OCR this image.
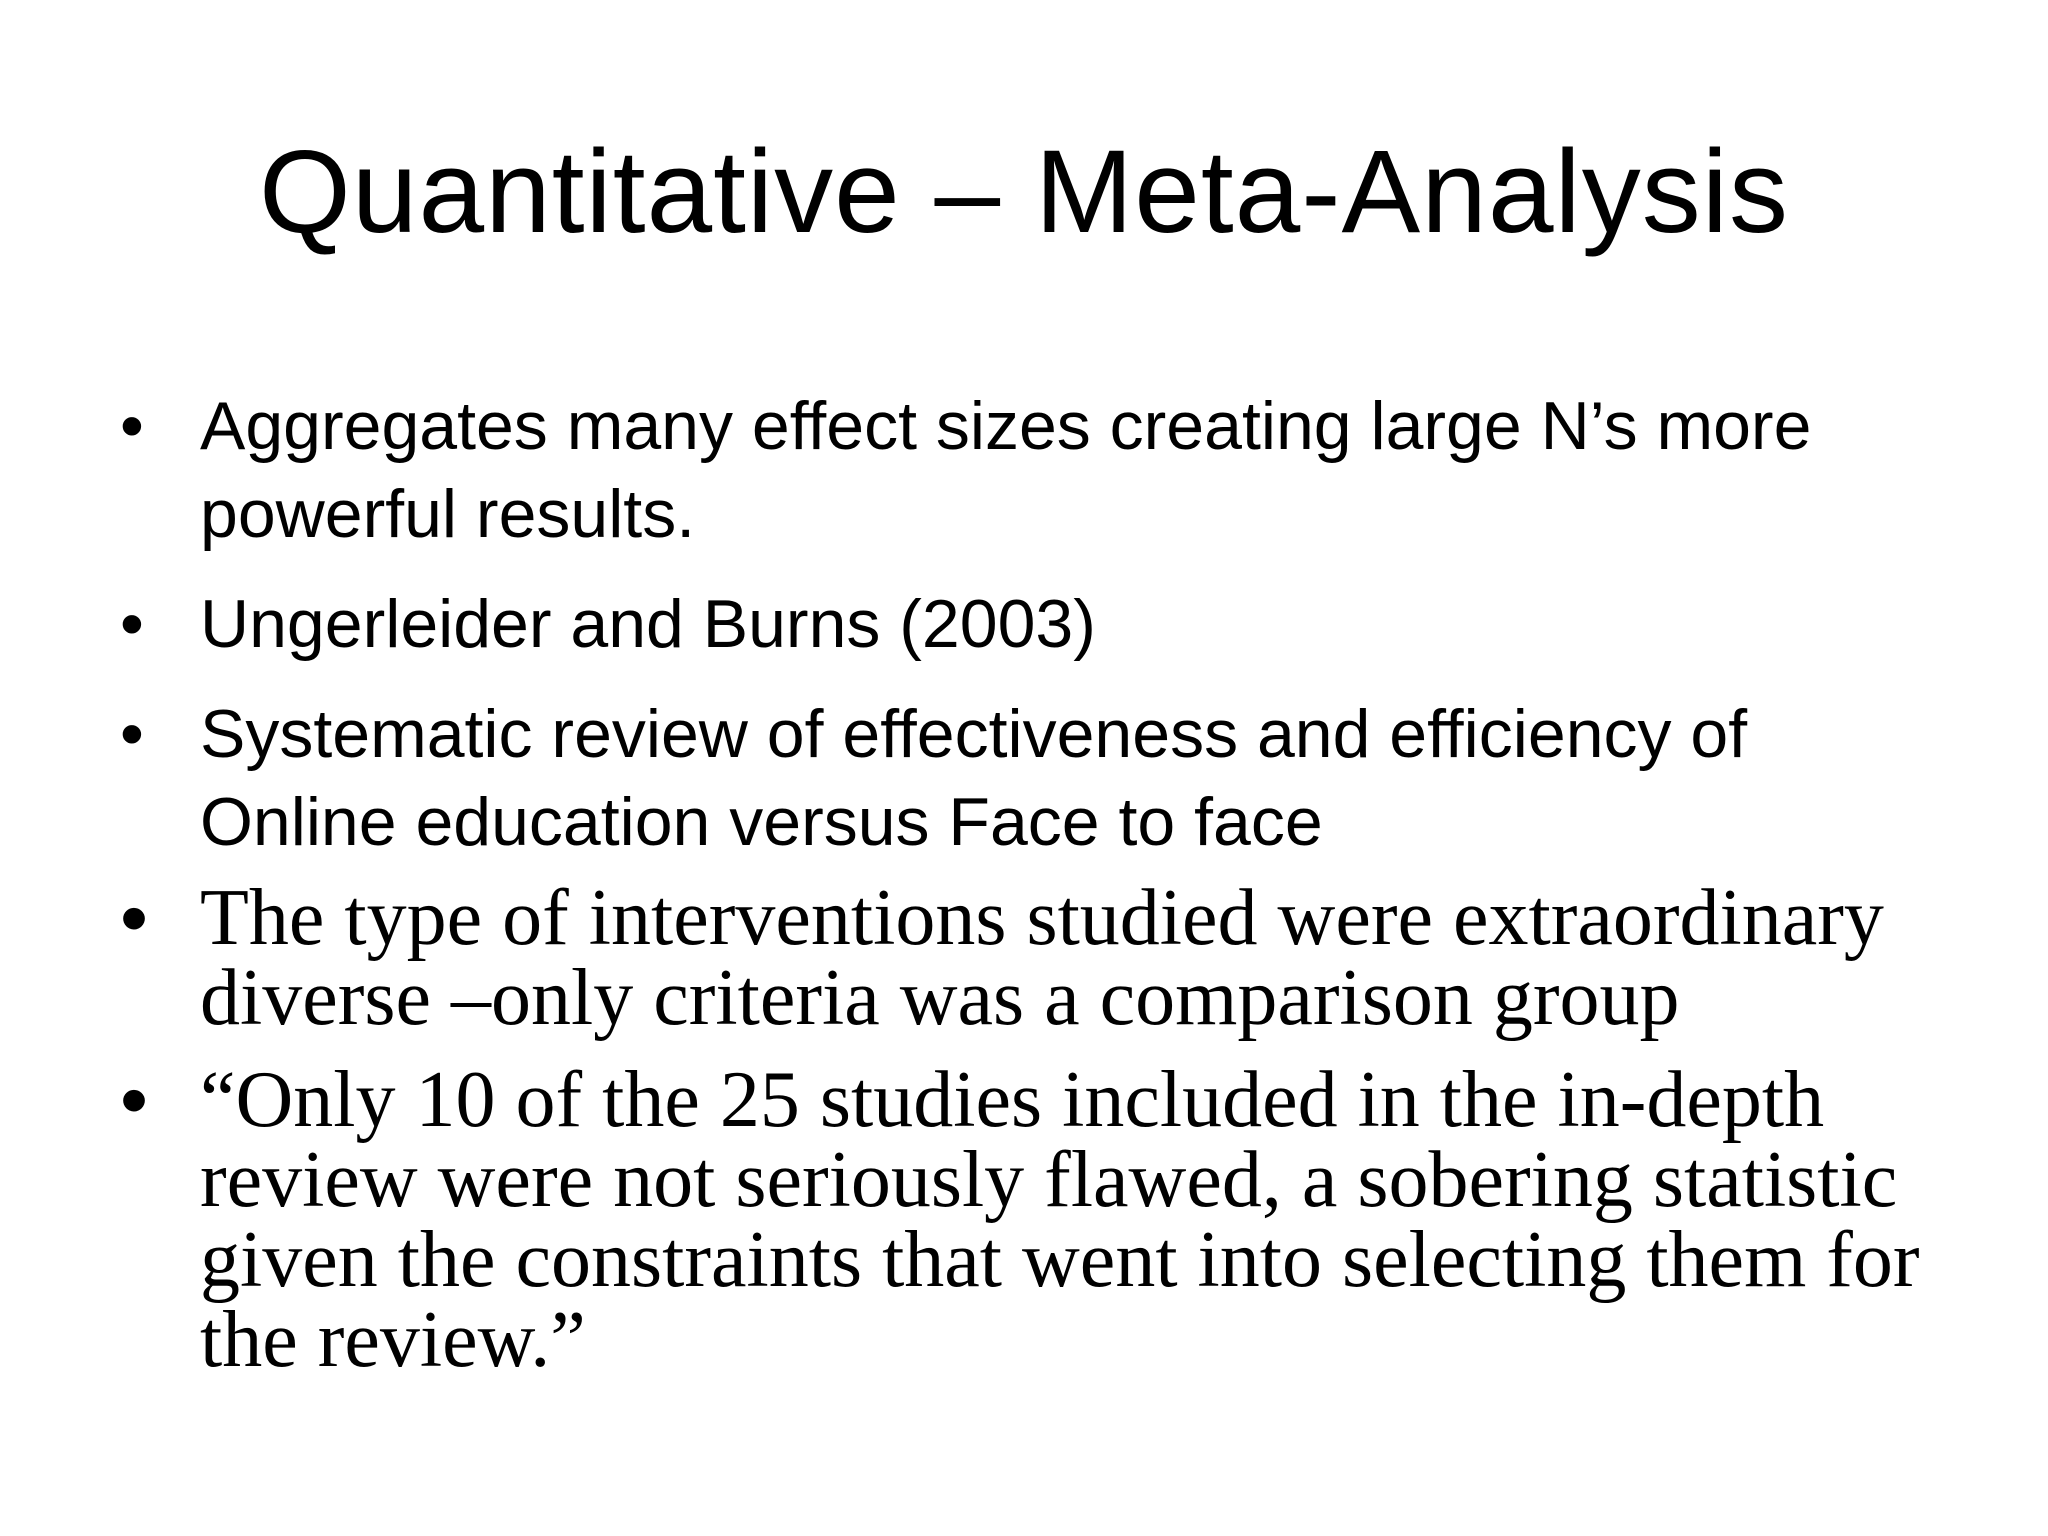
Quantitative – Meta-Analysis
• Aggregates many effect sizes creating large N’s more powerful results.
• Ungerleider and Burns (2003)
• Systematic review of effectiveness and efficiency of Online education versus Face to face
• The type of interventions studied were extraordinary diverse –only criteria was a comparison group
• “Only 10 of the 25 studies included in the in-depth review were not seriously flawed, a sobering statistic given the constraints that went into selecting them for the review.”
